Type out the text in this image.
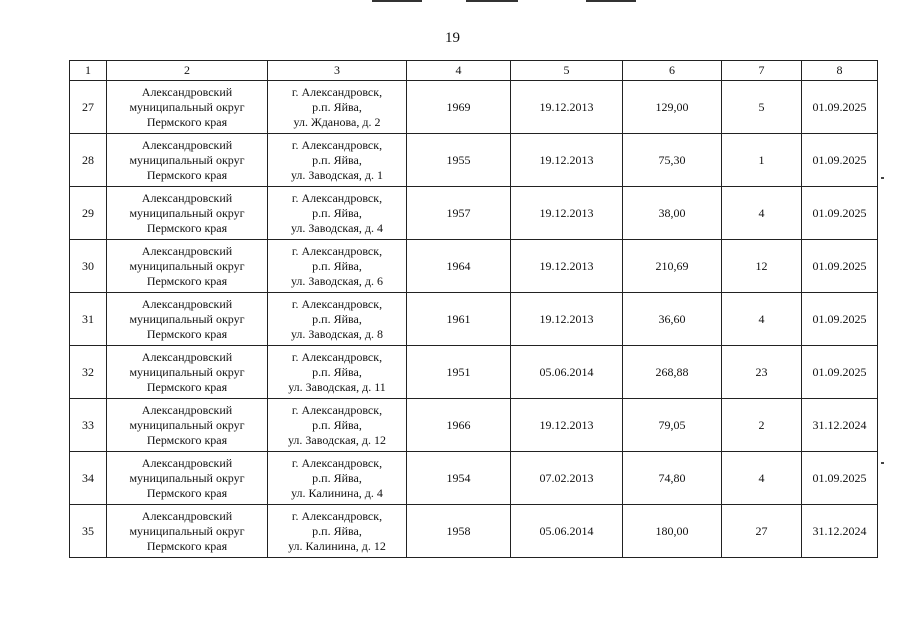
19
1	2	3	4	5	6	7	8
27	Александровский
муниципальный округ
Пермского края	г. Александровск,
р.п. Яйва,
ул. Жданова, д. 2	1969	19.12.2013	129,00	5	01.09.2025
28	Александровский
муниципальный округ
Пермского края	г. Александровск,
р.п. Яйва,
ул. Заводская, д. 1	1955	19.12.2013	75,30	1	01.09.2025
29	Александровский
муниципальный округ
Пермского края	г. Александровск,
р.п. Яйва,
ул. Заводская, д. 4	1957	19.12.2013	38,00	4	01.09.2025
30	Александровский
муниципальный округ
Пермского края	г. Александровск,
р.п. Яйва,
ул. Заводская, д. 6	1964	19.12.2013	210,69	12	01.09.2025
31	Александровский
муниципальный округ
Пермского края	г. Александровск,
р.п. Яйва,
ул. Заводская, д. 8	1961	19.12.2013	36,60	4	01.09.2025
32	Александровский
муниципальный округ
Пермского края	г. Александровск,
р.п. Яйва,
ул. Заводская, д. 11	1951	05.06.2014	268,88	23	01.09.2025
33	Александровский
муниципальный округ
Пермского края	г. Александровск,
р.п. Яйва,
ул. Заводская, д. 12	1966	19.12.2013	79,05	2	31.12.2024
34	Александровский
муниципальный округ
Пермского края	г. Александровск,
р.п. Яйва,
ул. Калинина, д. 4	1954	07.02.2013	74,80	4	01.09.2025
35	Александровский
муниципальный округ
Пермского края	г. Александровск,
р.п. Яйва,
ул. Калинина, д. 12	1958	05.06.2014	180,00	27	31.12.2024
